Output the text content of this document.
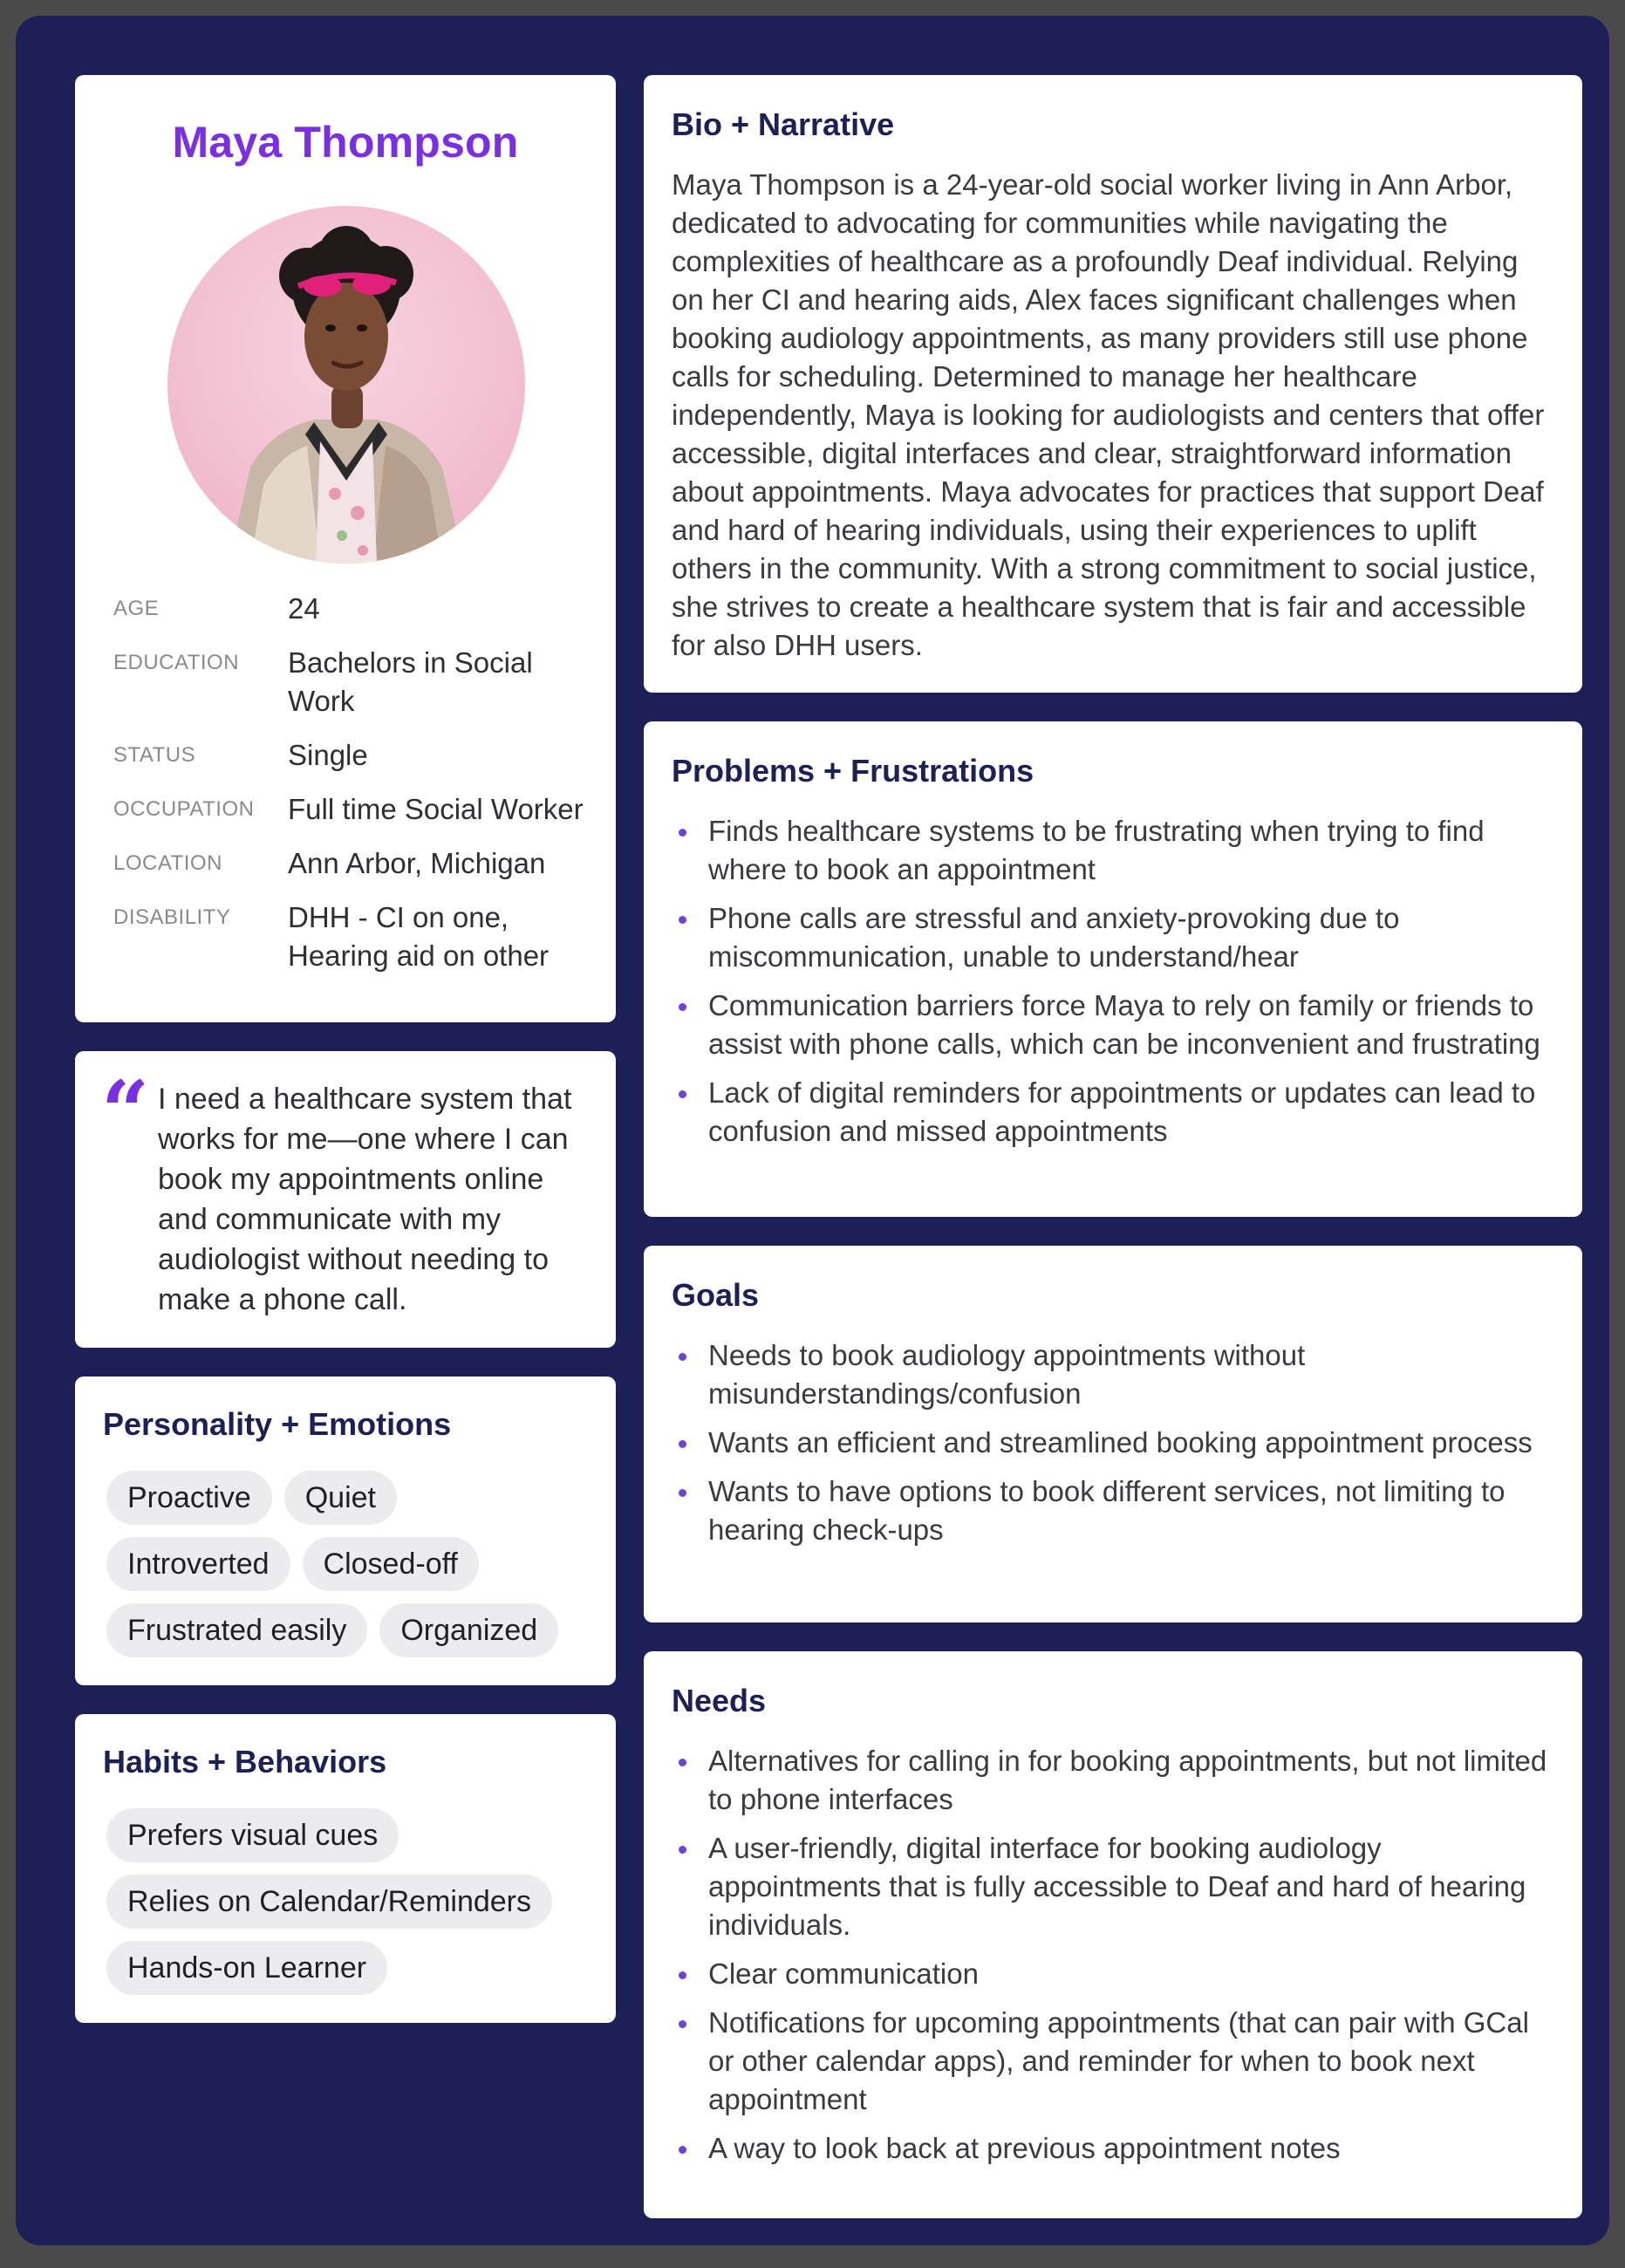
Maya Thompson
AGE	24
EDUCATION	Bachelors in Social Work
STATUS	Single
OCCUPATION	Full time Social Worker
LOCATION	Ann Arbor, Michigan
DISABILITY	DHH - CI on one, Hearing aid on other
“ I need a healthcare system that works for me—one where I can book my appointments online and communicate with my audiologist without needing to make a phone call.
Personality + Emotions
Proactive	Quiet
Introverted	Closed-off
Frustrated easily	Organized
Habits + Behaviors
Prefers visual cues
Relies on Calendar/Reminders
Hands-on Learner
Bio + Narrative
Maya Thompson is a 24-year-old social worker living in Ann Arbor, dedicated to advocating for communities while navigating the complexities of healthcare as a profoundly Deaf individual. Relying on her CI and hearing aids, Alex faces significant challenges when booking audiology appointments, as many providers still use phone calls for scheduling. Determined to manage her healthcare independently, Maya is looking for audiologists and centers that offer accessible, digital interfaces and clear, straightforward information about appointments. Maya advocates for practices that support Deaf and hard of hearing individuals, using their experiences to uplift others in the community. With a strong commitment to social justice, she strives to create a healthcare system that is fair and accessible for also DHH users.
Problems + Frustrations
Finds healthcare systems to be frustrating when trying to find where to book an appointment
Phone calls are stressful and anxiety-provoking due to miscommunication, unable to understand/hear
Communication barriers force Maya to rely on family or friends to assist with phone calls, which can be inconvenient and frustrating
Lack of digital reminders for appointments or updates can lead to confusion and missed appointments
Goals
Needs to book audiology appointments without misunderstandings/confusion
Wants an efficient and streamlined booking appointment process
Wants to have options to book different services, not limiting to hearing check-ups
Needs
Alternatives for calling in for booking appointments, but not limited to phone interfaces
A user-friendly, digital interface for booking audiology appointments that is fully accessible to Deaf and hard of hearing individuals.
Clear communication
Notifications for upcoming appointments (that can pair with GCal or other calendar apps), and reminder for when to book next appointment
A way to look back at previous appointment notes
